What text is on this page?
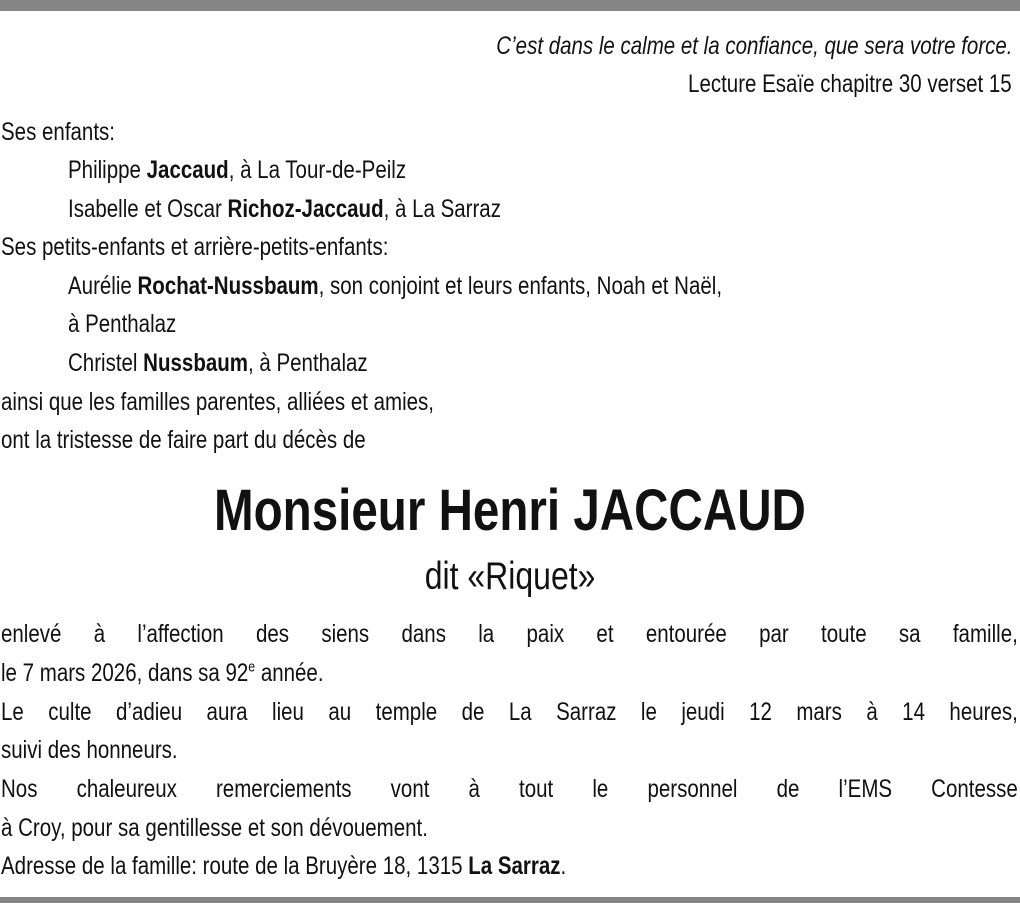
C’est dans le calme et la confiance, que sera votre force.
Lecture Esaïe chapitre 30 verset 15
Ses enfants:
Philippe Jaccaud, à La Tour-de-Peilz
Isabelle et Oscar Richoz-Jaccaud, à La Sarraz
Ses petits-enfants et arrière-petits-enfants:
Aurélie Rochat-Nussbaum, son conjoint et leurs enfants, Noah et Naël,
à Penthalaz
Christel Nussbaum, à Penthalaz
ainsi que les familles parentes, alliées et amies,
ont la tristesse de faire part du décès de
Monsieur Henri JACCAUD
dit «Riquet»
enlevé à l’affection des siens dans la paix et entourée par toute sa famille,
le 7 mars 2026, dans sa 92e année.
Le culte d’adieu aura lieu au temple de La Sarraz le jeudi 12 mars à 14 heures,
suivi des honneurs.
Nos chaleureux remerciements vont à tout le personnel de l’EMS Contesse
à Croy, pour sa gentillesse et son dévouement.
Adresse de la famille: route de la Bruyère 18, 1315 La Sarraz.
